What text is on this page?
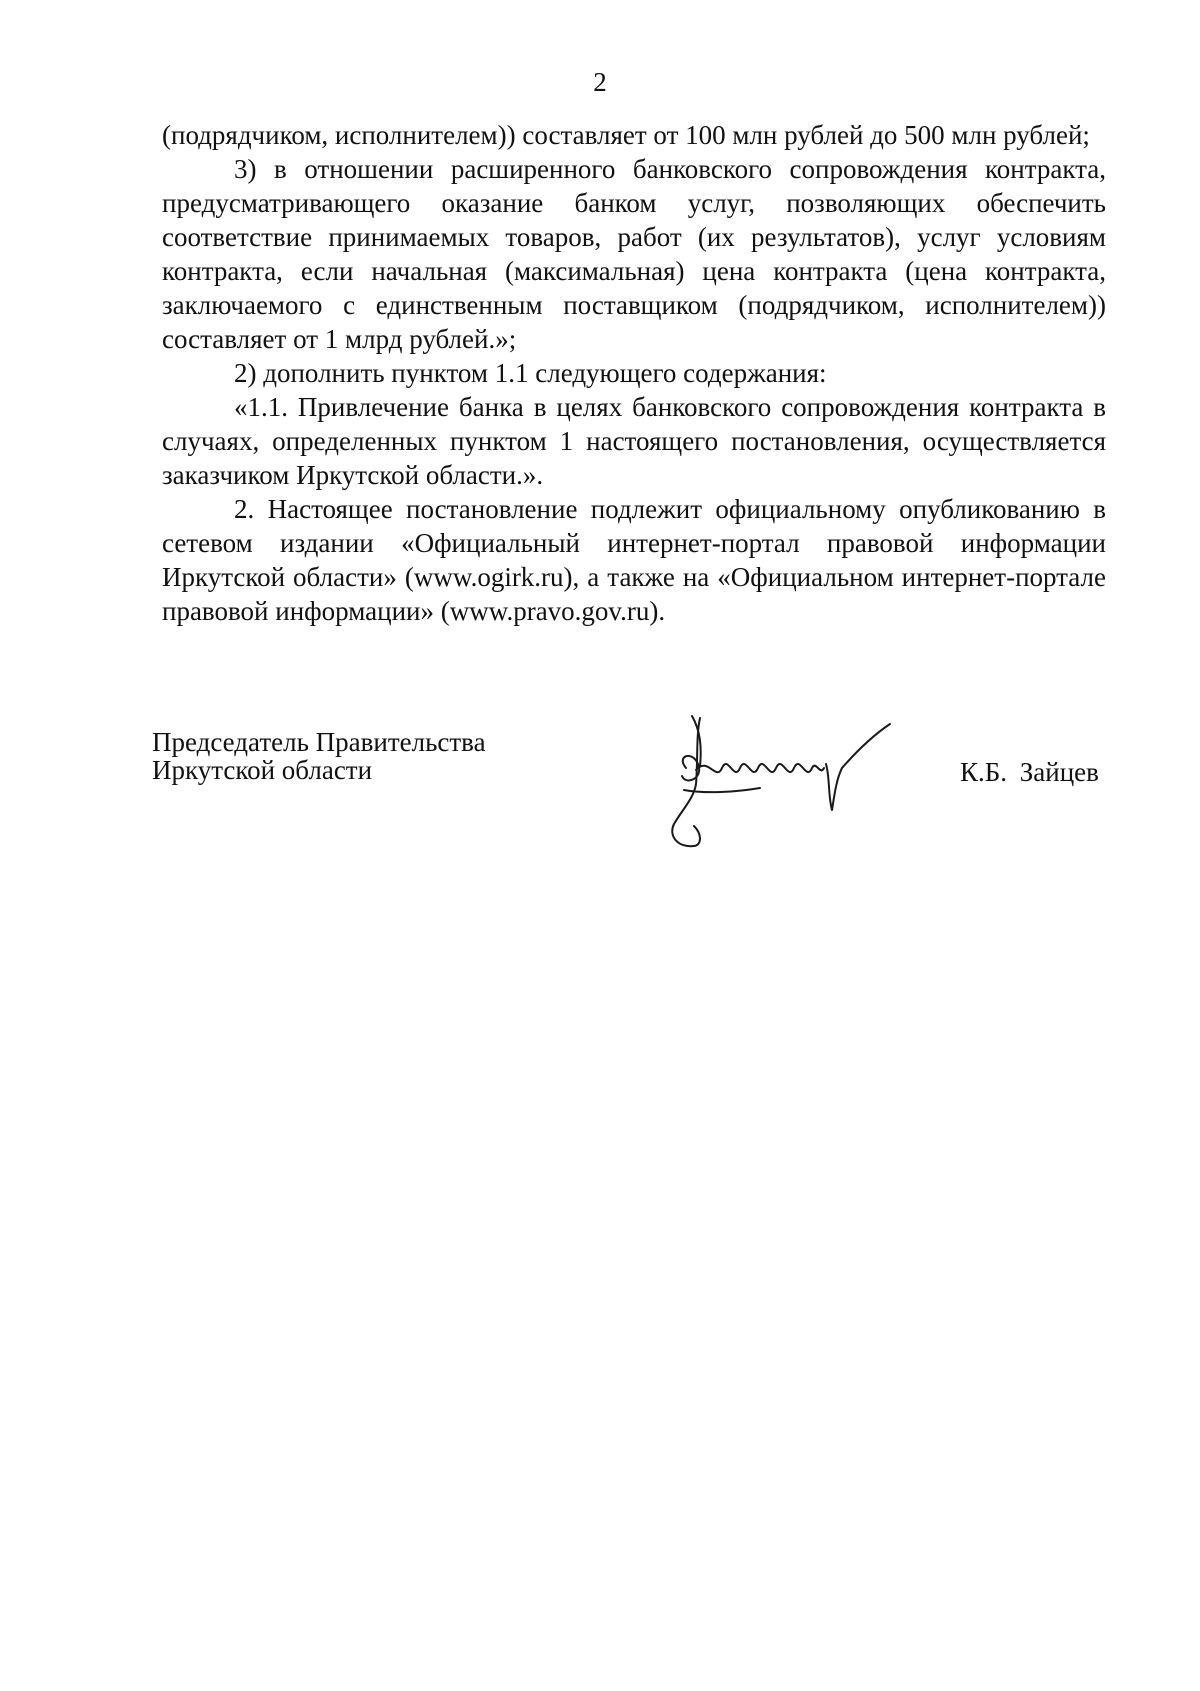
2

(подрядчиком, исполнителем)) составляет от 100 млн рублей до 500 млн рублей;

3) в отношении расширенного банковского сопровождения контракта, предусматривающего оказание банком услуг, позволяющих обеспечить соответствие принимаемых товаров, работ (их результатов), услуг условиям контракта, если начальная (максимальная) цена контракта (цена контракта, заключаемого с единственным поставщиком (подрядчиком, исполнителем)) составляет от 1 млрд рублей.»;

2) дополнить пунктом 1.1 следующего содержания:

«1.1. Привлечение банка в целях банковского сопровождения контракта в случаях, определенных пунктом 1 настоящего постановления, осуществляется заказчиком Иркутской области.».

2. Настоящее постановление подлежит официальному опубликованию в сетевом издании «Официальный интернет-портал правовой информации Иркутской области» (www.ogirk.ru), а также на «Официальном интернет-портале правовой информации» (www.pravo.gov.ru).

Председатель Правительства
Иркутской области	К.Б. Зайцев
